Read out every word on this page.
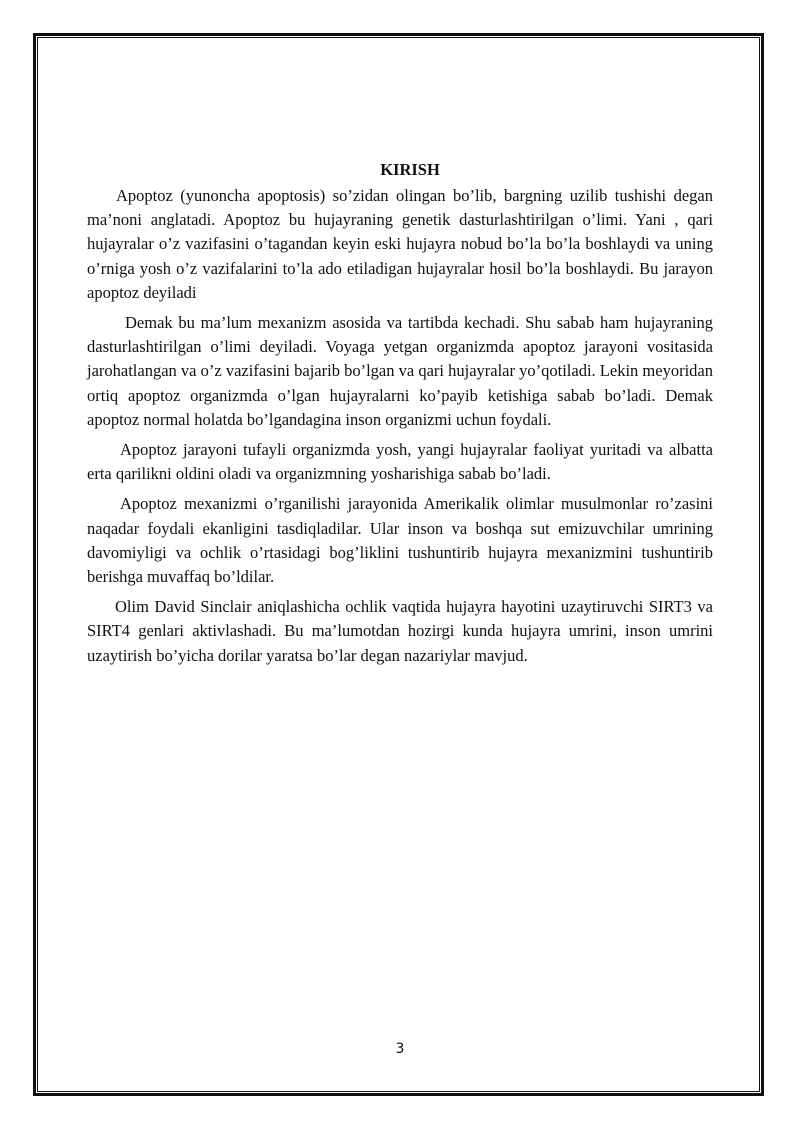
KIRISH

Apoptoz (yunoncha apoptosis) so’zidan olingan bo’lib, bargning uzilib tushishi degan ma’noni anglatadi. Apoptoz bu hujayraning genetik dasturlashtirilgan o’limi. Yani , qari hujayralar o’z vazifasini o’tagandan keyin eski hujayra nobud bo’la bo’la boshlaydi va uning o’rniga yosh o’z vazifalarini to’la ado etiladigan hujayralar hosil bo’la boshlaydi. Bu jarayon apoptoz deyiladi

Demak bu ma’lum mexanizm asosida va tartibda kechadi. Shu sabab ham hujayraning dasturlashtirilgan o’limi deyiladi. Voyaga yetgan organizmda apoptoz jarayoni vositasida jarohatlangan va o’z vazifasini bajarib bo’lgan va qari hujayralar yo’qotiladi. Lekin meyoridan ortiq apoptoz organizmda o’lgan hujayralarni ko’payib ketishiga sabab bo’ladi. Demak apoptoz normal holatda bo’lgandagina inson organizmi uchun foydali.

Apoptoz jarayoni tufayli organizmda yosh, yangi hujayralar faoliyat yuritadi va albatta erta qarilikni oldini oladi va organizmning yosharishiga sabab bo’ladi.

Apoptoz mexanizmi o’rganilishi jarayonida Amerikalik olimlar musulmonlar ro’zasini naqadar foydali ekanligini tasdiqladilar. Ular inson va boshqa sut emizuvchilar umrining davomiyligi va ochlik o’rtasidagi bog’liklini tushuntirib hujayra mexanizmini tushuntirib berishga muvaffaq bo’ldilar.

Olim David Sinclair aniqlashicha ochlik vaqtida hujayra hayotini uzaytiruvchi SIRT3 va SIRT4 genlari aktivlashadi. Bu ma’lumotdan hozirgi kunda hujayra umrini, inson umrini uzaytirish bo’yicha dorilar yaratsa bo’lar degan nazariylar mavjud.

3
